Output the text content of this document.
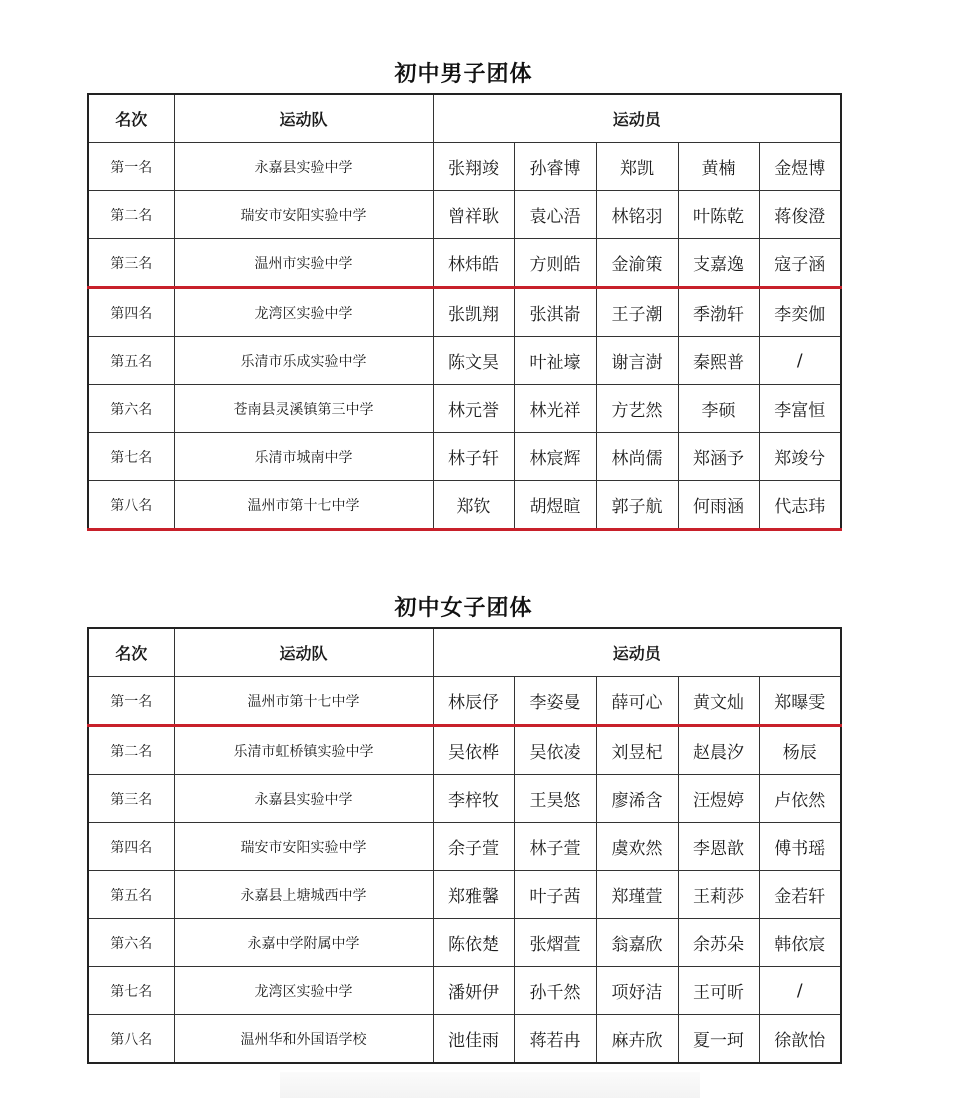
初中男子团体
名次	运动队	运动员				
第一名	永嘉县实验中学	张翔竣	孙睿博	郑凯	黄楠	金煜博
第二名	瑞安市安阳实验中学	曾祥耿	袁心浯	林铭羽	叶陈乾	蒋俊澄
第三名	温州市实验中学	林炜皓	方则皓	金渝策	支嘉逸	寇子涵
第四名	龙湾区实验中学	张凯翔	张淇嵛	王子潮	季渤轩	李奕伽
第五名	乐清市乐成实验中学	陈文昊	叶祉壕	谢言澍	秦熙普	/
第六名	苍南县灵溪镇第三中学	林元誉	林光祥	方艺然	李硕	李富恒
第七名	乐清市城南中学	林子轩	林宸辉	林尚儒	郑涵予	郑竣兮
第八名	温州市第十七中学	郑钦	胡煜暄	郭子航	何雨涵	代志玮
初中女子团体
名次	运动队	运动员				
第一名	温州市第十七中学	林辰伃	李姿曼	薛可心	黄文灿	郑曝雯
第二名	乐清市虹桥镇实验中学	吴依桦	吴依凌	刘昱杞	赵晨汐	杨辰
第三名	永嘉县实验中学	李梓牧	王昊悠	廖浠含	汪煜婷	卢依然
第四名	瑞安市安阳实验中学	余子萱	林子萱	虞欢然	李恩歆	傅书瑶
第五名	永嘉县上塘城西中学	郑雅馨	叶子茜	郑瑾萱	王莉莎	金若轩
第六名	永嘉中学附属中学	陈依楚	张熠萱	翁嘉欣	余苏朵	韩依宸
第七名	龙湾区实验中学	潘妍伊	孙千然	项妤洁	王可昕	/
第八名	温州华和外国语学校	池佳雨	蒋若冉	麻卉欣	夏一珂	徐歆怡
